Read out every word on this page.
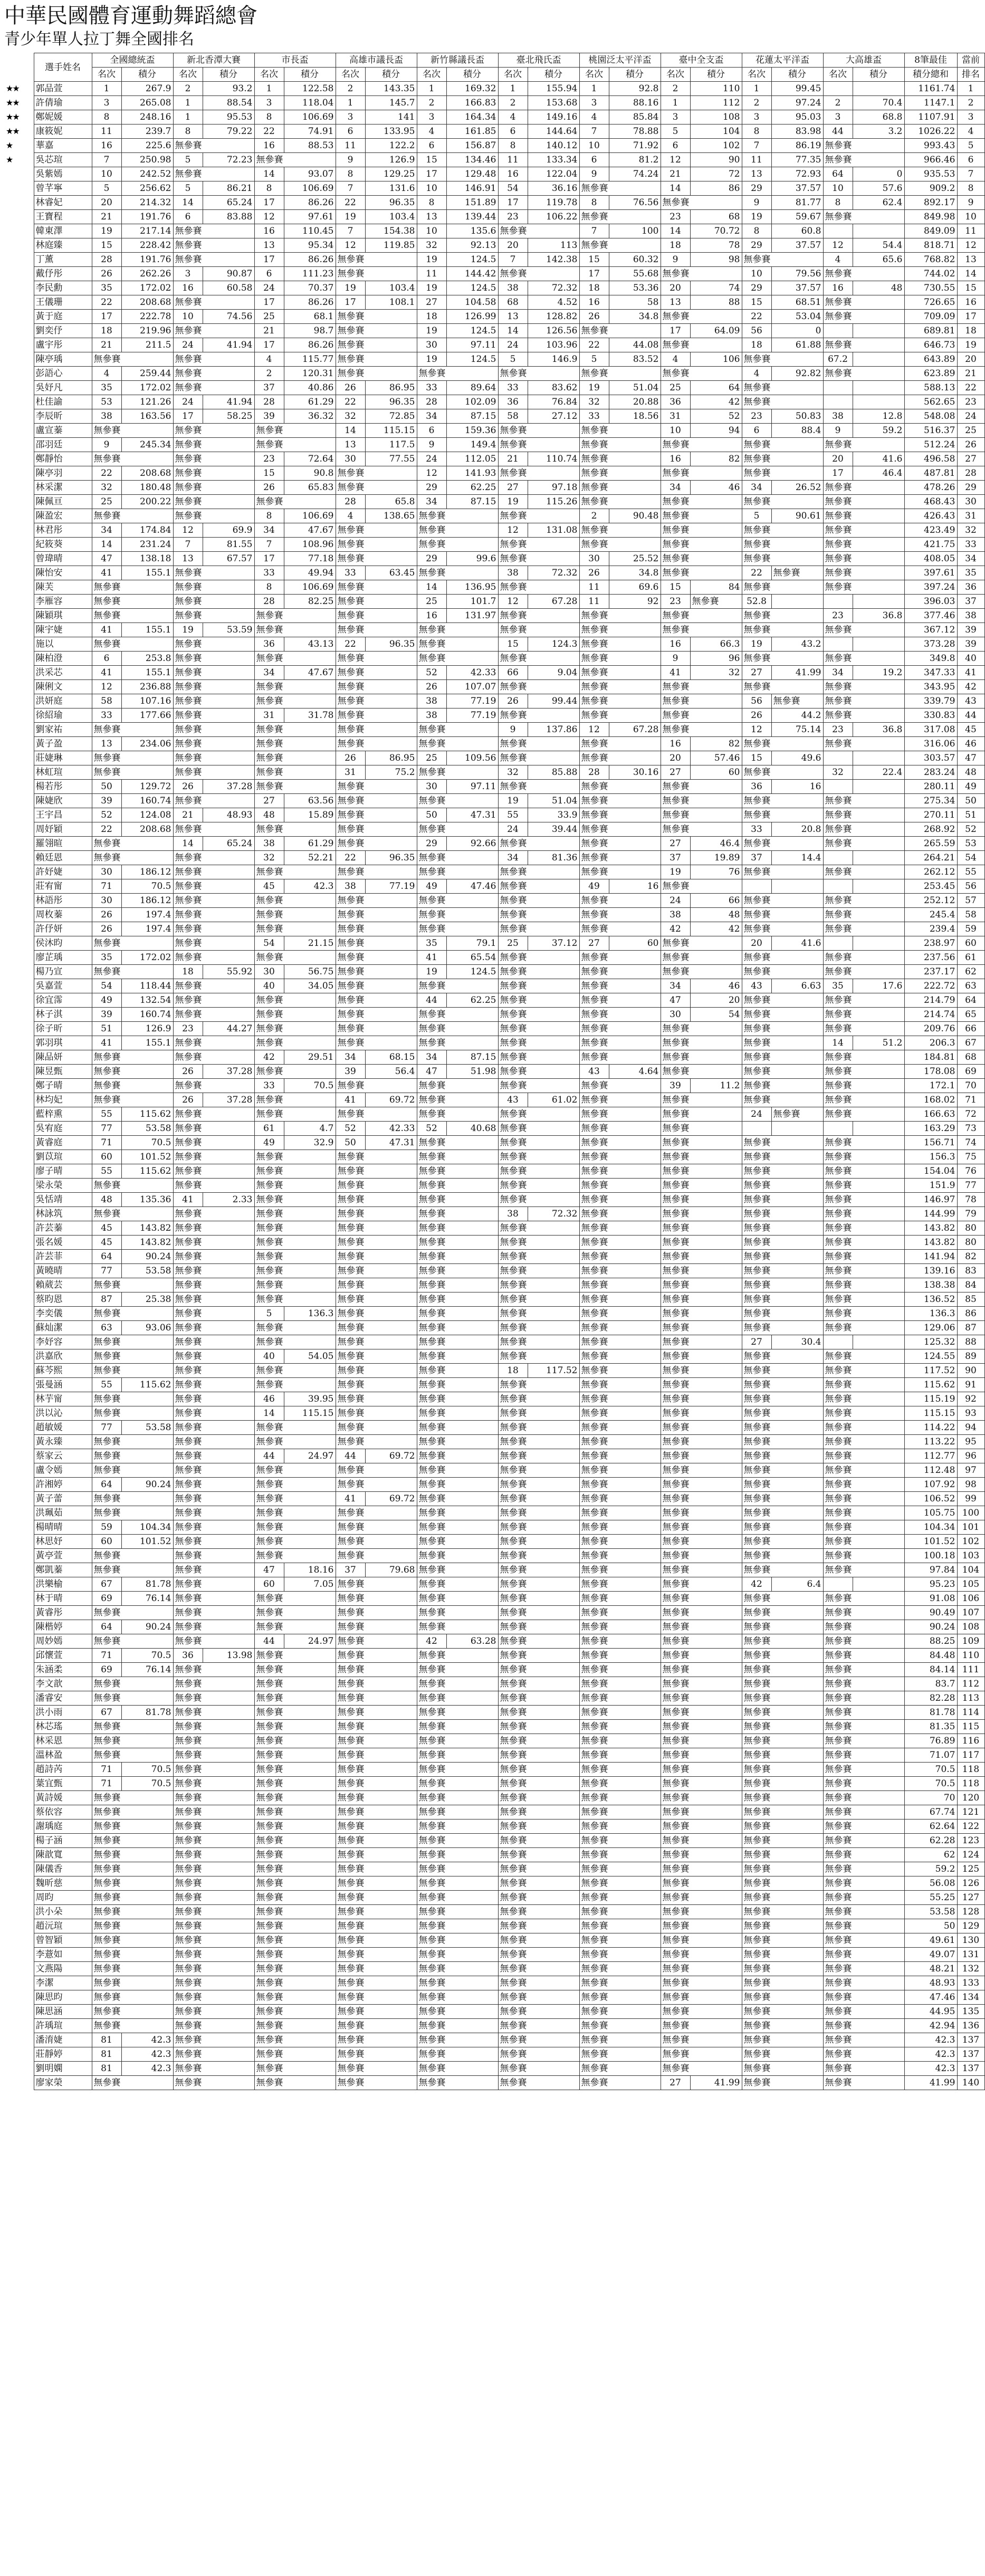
中華民國體育運動舞蹈總會
青少年單人拉丁舞全國排名
	選手姓名	全國總統盃		新北香潭大賽		市長盃		高雄市議長盃		新竹縣議長盃		臺北飛氏盃		桃園泛太平洋盃		臺中全支盃		花蓮太平洋盃		大高雄盃		8筆最佳	當前
		名次	積分	名次	積分	名次	積分	名次	積分	名次	積分	名次	積分	名次	積分	名次	積分	名次	積分	名次	積分	積分總和	排名
★★	郭品萱	1	267.9	2	93.2	1	122.58	2	143.35	1	169.32	1	155.94	1	92.8	2	110	1	99.45			1161.74	1
★★	許倩瑜	3	265.08	1	88.54	3	118.04	1	145.7	2	166.83	2	153.68	3	88.16	1	112	2	97.24	2	70.4	1147.1	2
★★	鄭妮媛	8	248.16	1	95.53	8	106.69	3	141	3	164.34	4	149.16	4	85.84	3	108	3	95.03	3	68.8	1107.91	3
★★	康筱妮	11	239.7	8	79.22	22	74.91	6	133.95	4	161.85	6	144.64	7	78.88	5	104	8	83.98	44	3.2	1026.22	4
★	華嘉	16	225.6	無參賽		16	88.53	11	122.2	6	156.87	8	140.12	10	71.92	6	102	7	86.19	無參賽		993.43	5
★	吳芯瑄	7	250.98	5	72.23	無參賽		9	126.9	15	134.46	11	133.34	6	81.2	12	90	11	77.35	無參賽		966.46	6
	吳紫嫣	10	242.52	無參賽		14	93.07	8	129.25	17	129.48	16	122.04	9	74.24	21	72	13	72.93	64	0	935.53	7
	曾芊寧	5	256.62	5	86.21	8	106.69	7	131.6	10	146.91	54	36.16	無參賽		14	86	29	37.57	10	57.6	909.2	8
	林睿妃	20	214.32	14	65.24	17	86.26	22	96.35	8	151.89	17	119.78	8	76.56	無參賽		9	81.77	8	62.4	892.17	9
	王寶程	21	191.76	6	83.88	12	97.61	19	103.4	13	139.44	23	106.22	無參賽		23	68	19	59.67	無參賽		849.98	10
	韓東澤	19	217.14	無參賽		16	110.45	7	154.38	10	135.6	無參賽		7	100	14	70.72	8	60.8			849.09	11
	林庭臻	15	228.42	無參賽		13	95.34	12	119.85	32	92.13	20	113	無參賽		18	78	29	37.57	12	54.4	818.71	12
	丁薰	28	191.76	無參賽		17	86.26	無參賽		19	124.5	7	142.38	15	60.32	9	98	無參賽		4	65.6	768.82	13
	戴伃彤	26	262.26	3	90.87	6	111.23	無參賽		11	144.42	無參賽		17	55.68	無參賽		10	79.56	無參賽		744.02	14
	李民勳	35	172.02	16	60.58	24	70.37	19	103.4	19	124.5	38	72.32	18	53.36	20	74	29	37.57	16	48	730.55	15
	王儀珊	22	208.68	無參賽		17	86.26	17	108.1	27	104.58	68	4.52	16	58	13	88	15	68.51	無參賽		726.65	16
	黃于庭	17	222.78	10	74.56	25	68.1	無參賽		18	126.99	13	128.82	26	34.8	無參賽		22	53.04	無參賽		709.09	17
	劉奕伃	18	219.96	無參賽		21	98.7	無參賽		19	124.5	14	126.56	無參賽		17	64.09	56	0			689.81	18
	盧宇彤	21	211.5	24	41.94	17	86.26	無參賽		30	97.11	24	103.96	22	44.08	無參賽		18	61.88	無參賽		646.73	19
	陳亭瑀	無參賽		無參賽		4	115.77	無參賽		19	124.5	5	146.9	5	83.52	4	106	無參賽		67.2		643.89	20
	彭語心	4	259.44	無參賽		2	120.31	無參賽		無參賽		無參賽		無參賽		無參賽		4	92.82	無參賽		623.89	21
	吳妤凡	35	172.02	無參賽		37	40.86	26	86.95	33	89.64	33	83.62	19	51.04	25	64	無參賽				588.13	22
	杜佳諭	53	121.26	24	41.94	28	61.29	22	96.35	28	102.09	36	76.84	32	20.88	36	42	無參賽				562.65	23
	李辰昕	38	163.56	17	58.25	39	36.32	32	72.85	34	87.15	58	27.12	33	18.56	31	52	23	50.83	38	12.8	548.08	24
	盧宣蓁	無參賽		無參賽		無參賽		14	115.15	6	159.36	無參賽		無參賽		10	94	6	88.4	9	59.2	516.37	25
	邵羽廷	9	245.34	無參賽		無參賽		13	117.5	9	149.4	無參賽		無參賽		無參賽		無參賽		無參賽		512.24	26
	鄭靜怡	無參賽		無參賽		23	72.64	30	77.55	24	112.05	21	110.74	無參賽		16	82	無參賽		20	41.6	496.58	27
	陳亭羽	22	208.68	無參賽		15	90.8	無參賽		12	141.93	無參賽		無參賽		無參賽		無參賽		17	46.4	487.81	28
	林采潔	32	180.48	無參賽		26	65.83	無參賽		29	62.25	27	97.18	無參賽		34	46	34	26.52	無參賽		478.26	29
	陳佩亘	25	200.22	無參賽		無參賽		28	65.8	34	87.15	19	115.26	無參賽		無參賽		無參賽		無參賽		468.43	30
	陳盈宏	無參賽		無參賽		8	106.69	4	138.65	無參賽		無參賽		2	90.48	無參賽		5	90.61	無參賽		426.43	31
	林君彤	34	174.84	12	69.9	34	47.67	無參賽		無參賽		12	131.08	無參賽		無參賽		無參賽		無參賽		423.49	32
	紀筱葵	14	231.24	7	81.55	7	108.96	無參賽		無參賽		無參賽		無參賽		無參賽		無參賽		無參賽		421.75	33
	曾瑋晴	47	138.18	13	67.57	17	77.18	無參賽		29	99.6	無參賽		30	25.52	無參賽		無參賽		無參賽		408.05	34
	陳怡安	41	155.1	無參賽		33	49.94	33	63.45	無參賽		38	72.32	26	34.8	無參賽		22	無參賽	無參賽		397.61	35
	陳芙	無參賽		無參賽		8	106.69	無參賽		14	136.95	無參賽		11	69.6	15	84	無參賽		無參賽		397.24	36
	李雁容	無參賽		無參賽		28	82.25	無參賽		25	101.7	12	67.28	11	92	23	無參賽	52.8				396.03	37
	陳穎琪	無參賽		無參賽		無參賽		無參賽		16	131.97	無參賽		無參賽		無參賽		無參賽		23	36.8	377.46	38
	陳宇婕	41	155.1	19	53.59	無參賽		無參賽		無參賽		無參賽		無參賽		無參賽		無參賽		無參賽		367.12	39
	施以	無參賽		無參賽		36	43.13	22	96.35	無參賽		15	124.3	無參賽		16	66.3	19	43.2			373.28	39
	陳柏澄	6	253.8	無參賽		無參賽		無參賽		無參賽		無參賽		無參賽		9	96	無參賽		無參賽		349.8	40
	洪采芯	41	155.1	無參賽		34	47.67	無參賽		52	42.33	66	9.04	無參賽		41	32	27	41.99	34	19.2	347.33	41
	陳俐文	12	236.88	無參賽		無參賽		無參賽		26	107.07	無參賽		無參賽		無參賽		無參賽		無參賽		343.95	42
	洪妍庭	58	107.16	無參賽		無參賽		無參賽		38	77.19	26	99.44	無參賽		無參賽		56	無參賽	無參賽		339.79	43
	徐紹瑜	33	177.66	無參賽		31	31.78	無參賽		38	77.19	無參賽		無參賽		無參賽		26	44.2	無參賽		330.83	44
	劉家祐	無參賽		無參賽		無參賽		無參賽		無參賽		9	137.86	12	67.28	無參賽		12	75.14	23	36.8	317.08	45
	黃子盈	13	234.06	無參賽		無參賽		無參賽		無參賽		無參賽		無參賽		16	82	無參賽		無參賽		316.06	46
	莊婕琳	無參賽		無參賽		無參賽		26	86.95	25	109.56	無參賽		無參賽		20	57.46	15	49.6			303.57	47
	林虹瑄	無參賽		無參賽		無參賽		31	75.2	無參賽		32	85.88	28	30.16	27	60	無參賽		32	22.4	283.24	48
	楊若彤	50	129.72	26	37.28	無參賽		無參賽		30	97.11	無參賽		無參賽		無參賽		36	16			280.11	49
	陳婕欣	39	160.74	無參賽		27	63.56	無參賽		無參賽		19	51.04	無參賽		無參賽		無參賽		無參賽		275.34	50
	王宇昌	52	124.08	21	48.93	48	15.89	無參賽		50	47.31	55	33.9	無參賽		無參賽		無參賽		無參賽		270.11	51
	周妤穎	22	208.68	無參賽		無參賽		無參賽		無參賽		24	39.44	無參賽		無參賽		33	20.8	無參賽		268.92	52
	羅翎暄	無參賽		14	65.24	38	61.29	無參賽		29	92.66	無參賽		無參賽		27	46.4	無參賽		無參賽		265.59	53
	賴廷恩	無參賽		無參賽		32	52.21	22	96.35	無參賽		34	81.36	無參賽		37	19.89	37	14.4			264.21	54
	許妤婕	30	186.12	無參賽		無參賽		無參賽		無參賽		無參賽		無參賽		19	76	無參賽		無參賽		262.12	55
	莊宥甯	71	70.5	無參賽		45	42.3	38	77.19	49	47.46	無參賽		49	16	無參賽						253.45	56
	林語彤	30	186.12	無參賽		無參賽		無參賽		無參賽		無參賽		無參賽		24	66	無參賽		無參賽		252.12	57
	周枚蓁	26	197.4	無參賽		無參賽		無參賽		無參賽		無參賽		無參賽		38	48	無參賽		無參賽		245.4	58
	許伃妍	26	197.4	無參賽		無參賽		無參賽		無參賽		無參賽		無參賽		42	42	無參賽		無參賽		239.4	59
	侯沐昀	無參賽		無參賽		54	21.15	無參賽		35	79.1	25	37.12	27	60	無參賽		20	41.6			238.97	60
	廖芷瑀	35	172.02	無參賽		無參賽		無參賽		41	65.54	無參賽		無參賽		無參賽		無參賽		無參賽		237.56	61
	楊乃宣	無參賽		18	55.92	30	56.75	無參賽		19	124.5	無參賽		無參賽		無參賽		無參賽		無參賽		237.17	62
	吳嘉萱	54	118.44	無參賽		40	34.05	無參賽		無參賽		無參賽		無參賽		34	46	43	6.63	35	17.6	222.72	63
	徐宜霈	49	132.54	無參賽		無參賽		無參賽		44	62.25	無參賽		無參賽		47	20	無參賽		無參賽		214.79	64
	林子淇	39	160.74	無參賽		無參賽		無參賽		無參賽		無參賽		無參賽		30	54	無參賽		無參賽		214.74	65
	徐子昕	51	126.9	23	44.27	無參賽		無參賽		無參賽		無參賽		無參賽		無參賽		無參賽		無參賽		209.76	66
	郭羽琪	41	155.1	無參賽		無參賽		無參賽		無參賽		無參賽		無參賽		無參賽		無參賽		14	51.2	206.3	67
	陳品妍	無參賽		無參賽		42	29.51	34	68.15	34	87.15	無參賽		無參賽		無參賽		無參賽		無參賽		184.81	68
	陳昱甄	無參賽		26	37.28	無參賽		39	56.4	47	51.98	無參賽		43	4.64	無參賽		無參賽		無參賽		178.08	69
	鄭子晴	無參賽		無參賽		33	70.5	無參賽		無參賽		無參賽		無參賽		39	11.2	無參賽		無參賽		172.1	70
	林均妃	無參賽		26	37.28	無參賽		41	69.72	無參賽		43	61.02	無參賽		無參賽		無參賽		無參賽		168.02	71
	藍梓熏	55	115.62	無參賽		無參賽		無參賽		無參賽		無參賽		無參賽		無參賽		24	無參賽	無參賽		166.63	72
	吳宥庭	77	53.58	無參賽		61	4.7	52	42.33	52	40.68	無參賽		無參賽		無參賽						163.29	73
	黃睿庭	71	70.5	無參賽		49	32.9	50	47.31	無參賽		無參賽		無參賽		無參賽		無參賽		無參賽		156.71	74
	劉苡瑄	60	101.52	無參賽		無參賽		無參賽		無參賽		無參賽		無參賽		無參賽		無參賽		無參賽		156.3	75
	廖子晴	55	115.62	無參賽		無參賽		無參賽		無參賽		無參賽		無參賽		無參賽		無參賽		無參賽		154.04	76
	梁永榮	無參賽		無參賽		無參賽		無參賽		無參賽		無參賽		無參賽		無參賽		無參賽		無參賽		151.9	77
	吳恬靖	48	135.36	41	2.33	無參賽		無參賽		無參賽		無參賽		無參賽		無參賽		無參賽		無參賽		146.97	78
	林詠筑	無參賽		無參賽		無參賽		無參賽		無參賽		38	72.32	無參賽		無參賽		無參賽		無參賽		144.99	79
	許芸蓁	45	143.82	無參賽		無參賽		無參賽		無參賽		無參賽		無參賽		無參賽		無參賽		無參賽		143.82	80
	張名媛	45	143.82	無參賽		無參賽		無參賽		無參賽		無參賽		無參賽		無參賽		無參賽		無參賽		143.82	80
	許芸菲	64	90.24	無參賽		無參賽		無參賽		無參賽		無參賽		無參賽		無參賽		無參賽		無參賽		141.94	82
	黃曉晴	77	53.58	無參賽		無參賽		無參賽		無參賽		無參賽		無參賽		無參賽		無參賽		無參賽		139.16	83
	賴葳芸	無參賽		無參賽		無參賽		無參賽		無參賽		無參賽		無參賽		無參賽		無參賽		無參賽		138.38	84
	蔡昀恩	87	25.38	無參賽		無參賽		無參賽		無參賽		無參賽		無參賽		無參賽		無參賽		無參賽		136.52	85
	李奕儀	無參賽		無參賽		5	136.3	無參賽		無參賽		無參賽		無參賽		無參賽		無參賽		無參賽		136.3	86
	蘇灿潔	63	93.06	無參賽		無參賽		無參賽		無參賽		無參賽		無參賽		無參賽		無參賽		無參賽		129.06	87
	李妤容	無參賽		無參賽		無參賽		無參賽		無參賽		無參賽		無參賽		無參賽		27	30.4			125.32	88
	洪嘉欣	無參賽		無參賽		40	54.05	無參賽		無參賽		無參賽		無參賽		無參賽		無參賽		無參賽		124.55	89
	蘇芩熙	無參賽		無參賽		無參賽		無參賽		無參賽		18	117.52	無參賽		無參賽		無參賽		無參賽		117.52	90
	張曼涵	55	115.62	無參賽		無參賽		無參賽		無參賽		無參賽		無參賽		無參賽		無參賽		無參賽		115.62	91
	林芋甯	無參賽		無參賽		46	39.95	無參賽		無參賽		無參賽		無參賽		無參賽		無參賽		無參賽		115.19	92
	洪以沁	無參賽		無參賽		14	115.15	無參賽		無參賽		無參賽		無參賽		無參賽		無參賽		無參賽		115.15	93
	趙敏媛	77	53.58	無參賽		無參賽		無參賽		無參賽		無參賽		無參賽		無參賽		無參賽		無參賽		114.22	94
	黃永臻	無參賽		無參賽		無參賽		無參賽		無參賽		無參賽		無參賽		無參賽		無參賽		無參賽		113.22	95
	蔡家云	無參賽		無參賽		44	24.97	44	69.72	無參賽		無參賽		無參賽		無參賽		無參賽		無參賽		112.77	96
	盧令嫣	無參賽		無參賽		無參賽		無參賽		無參賽		無參賽		無參賽		無參賽		無參賽		無參賽		112.48	97
	許湘婷	64	90.24	無參賽		無參賽		無參賽		無參賽		無參賽		無參賽		無參賽		無參賽		無參賽		107.92	98
	黃子蕾	無參賽		無參賽		無參賽		41	69.72	無參賽		無參賽		無參賽		無參賽		無參賽		無參賽		106.52	99
	洪珮茹	無參賽		無參賽		無參賽		無參賽		無參賽		無參賽		無參賽		無參賽		無參賽		無參賽		105.75	100
	楊晴晴	59	104.34	無參賽		無參賽		無參賽		無參賽		無參賽		無參賽		無參賽		無參賽		無參賽		104.34	101
	林思妤	60	101.52	無參賽		無參賽		無參賽		無參賽		無參賽		無參賽		無參賽		無參賽		無參賽		101.52	102
	黃亭萱	無參賽		無參賽		無參賽		無參賽		無參賽		無參賽		無參賽		無參賽		無參賽		無參賽		100.18	103
	鄭凱蓁	無參賽		無參賽		47	18.16	37	79.68	無參賽		無參賽		無參賽		無參賽		無參賽		無參賽		97.84	104
	洪樂榆	67	81.78	無參賽		60	7.05	無參賽		無參賽		無參賽		無參賽		無參賽		42	6.4			95.23	105
	林于晴	69	76.14	無參賽		無參賽		無參賽		無參賽		無參賽		無參賽		無參賽		無參賽		無參賽		91.08	106
	黃睿彤	無參賽		無參賽		無參賽		無參賽		無參賽		無參賽		無參賽		無參賽		無參賽		無參賽		90.49	107
	陳楷婷	64	90.24	無參賽		無參賽		無參賽		無參賽		無參賽		無參賽		無參賽		無參賽		無參賽		90.24	108
	周妙嫣	無參賽		無參賽		44	24.97	無參賽		42	63.28	無參賽		無參賽		無參賽		無參賽		無參賽		88.25	109
	邱懷萱	71	70.5	36	13.98	無參賽		無參賽		無參賽		無參賽		無參賽		無參賽		無參賽		無參賽		84.48	110
	朱涵柔	69	76.14	無參賽		無參賽		無參賽		無參賽		無參賽		無參賽		無參賽		無參賽		無參賽		84.14	111
	李文歆	無參賽		無參賽		無參賽		無參賽		無參賽		無參賽		無參賽		無參賽		無參賽		無參賽		83.7	112
	潘睿安	無參賽		無參賽		無參賽		無參賽		無參賽		無參賽		無參賽		無參賽		無參賽		無參賽		82.28	113
	洪小雨	67	81.78	無參賽		無參賽		無參賽		無參賽		無參賽		無參賽		無參賽		無參賽		無參賽		81.78	114
	林芯瑤	無參賽		無參賽		無參賽		無參賽		無參賽		無參賽		無參賽		無參賽		無參賽		無參賽		81.35	115
	林采恩	無參賽		無參賽		無參賽		無參賽		無參賽		無參賽		無參賽		無參賽		無參賽		無參賽		76.89	116
	溫林盈	無參賽		無參賽		無參賽		無參賽		無參賽		無參賽		無參賽		無參賽		無參賽		無參賽		71.07	117
	趙詩芮	71	70.5	無參賽		無參賽		無參賽		無參賽		無參賽		無參賽		無參賽		無參賽		無參賽		70.5	118
	葉宜甄	71	70.5	無參賽		無參賽		無參賽		無參賽		無參賽		無參賽		無參賽		無參賽		無參賽		70.5	118
	黃詩媛	無參賽		無參賽		無參賽		無參賽		無參賽		無參賽		無參賽		無參賽		無參賽		無參賽		70	120
	蔡依容	無參賽		無參賽		無參賽		無參賽		無參賽		無參賽		無參賽		無參賽		無參賽		無參賽		67.74	121
	謝瑀庭	無參賽		無參賽		無參賽		無參賽		無參賽		無參賽		無參賽		無參賽		無參賽		無參賽		62.64	122
	楊子涵	無參賽		無參賽		無參賽		無參賽		無參賽		無參賽		無參賽		無參賽		無參賽		無參賽		62.28	123
	陳歆寬	無參賽		無參賽		無參賽		無參賽		無參賽		無參賽		無參賽		無參賽		無參賽		無參賽		62	124
	陳儀香	無參賽		無參賽		無參賽		無參賽		無參賽		無參賽		無參賽		無參賽		無參賽		無參賽		59.2	125
	魏昕慈	無參賽		無參賽		無參賽		無參賽		無參賽		無參賽		無參賽		無參賽		無參賽		無參賽		56.08	126
	周昀	無參賽		無參賽		無參賽		無參賽		無參賽		無參賽		無參賽		無參賽		無參賽		無參賽		55.25	127
	洪小朵	無參賽		無參賽		無參賽		無參賽		無參賽		無參賽		無參賽		無參賽		無參賽		無參賽		53.58	128
	趙沅瑄	無參賽		無參賽		無參賽		無參賽		無參賽		無參賽		無參賽		無參賽		無參賽		無參賽		50	129
	曾智穎	無參賽		無參賽		無參賽		無參賽		無參賽		無參賽		無參賽		無參賽		無參賽		無參賽		49.61	130
	李薏如	無參賽		無參賽		無參賽		無參賽		無參賽		無參賽		無參賽		無參賽		無參賽		無參賽		49.07	131
	文燕陽	無參賽		無參賽		無參賽		無參賽		無參賽		無參賽		無參賽		無參賽		無參賽		無參賽		48.21	132
	李潔	無參賽		無參賽		無參賽		無參賽		無參賽		無參賽		無參賽		無參賽		無參賽		無參賽		48.93	133
	陳思昀	無參賽		無參賽		無參賽		無參賽		無參賽		無參賽		無參賽		無參賽		無參賽		無參賽		47.46	134
	陳思涵	無參賽		無參賽		無參賽		無參賽		無參賽		無參賽		無參賽		無參賽		無參賽		無參賽		44.95	135
	許瑀瑄	無參賽		無參賽		無參賽		無參賽		無參賽		無參賽		無參賽		無參賽		無參賽		無參賽		42.94	136
	潘淯婕	81	42.3	無參賽		無參賽		無參賽		無參賽		無參賽		無參賽		無參賽		無參賽		無參賽		42.3	137
	莊靜婷	81	42.3	無參賽		無參賽		無參賽		無參賽		無參賽		無參賽		無參賽		無參賽		無參賽		42.3	137
	劉明嫻	81	42.3	無參賽		無參賽		無參賽		無參賽		無參賽		無參賽		無參賽		無參賽		無參賽		42.3	137
	廖家榮	無參賽		無參賽		無參賽		無參賽		無參賽		無參賽		無參賽		27	41.99	無參賽		無參賽		41.99	140
